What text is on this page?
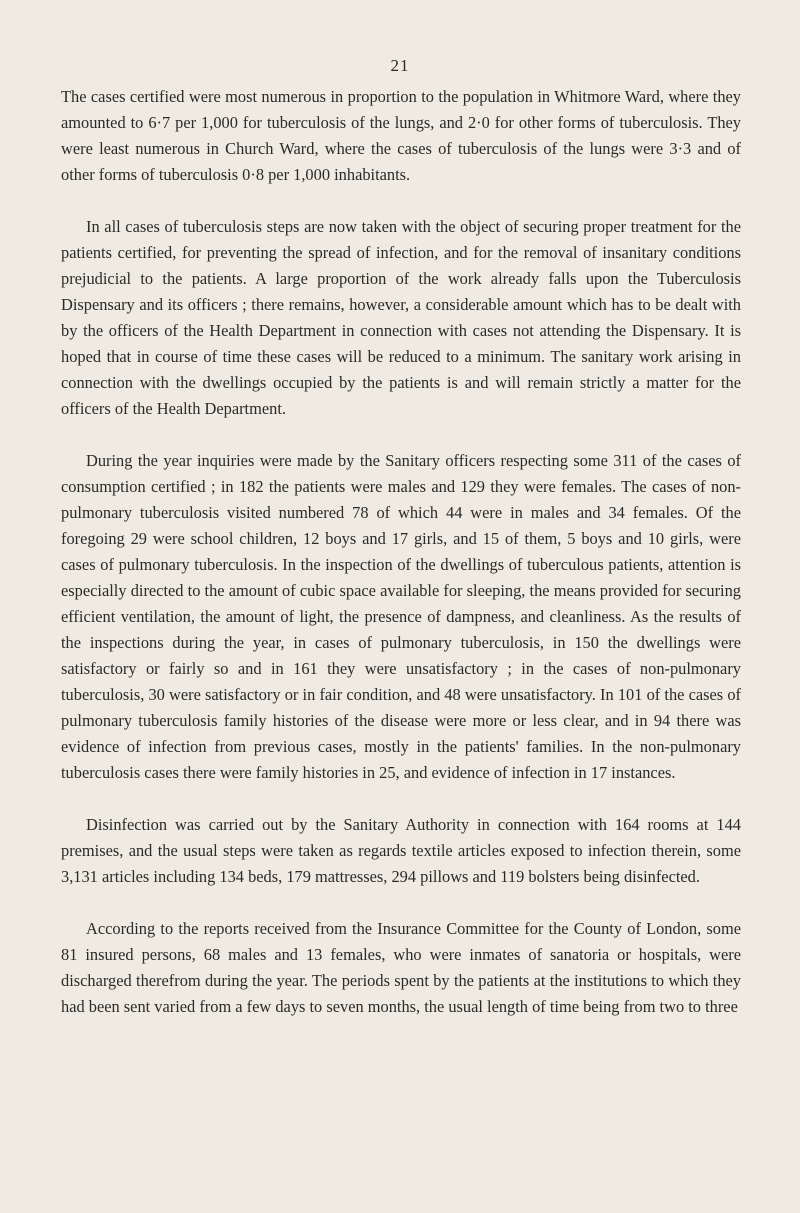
21

The cases certified were most numerous in proportion to the population in Whitmore Ward, where they amounted to 6·7 per 1,000 for tuberculosis of the lungs, and 2·0 for other forms of tuberculosis. They were least numerous in Church Ward, where the cases of tuberculosis of the lungs were 3·3 and of other forms of tuberculosis 0·8 per 1,000 inhabitants.

In all cases of tuberculosis steps are now taken with the object of securing proper treatment for the patients certified, for preventing the spread of infection, and for the removal of insanitary conditions prejudicial to the patients. A large proportion of the work already falls upon the Tuberculosis Dispensary and its officers ; there remains, however, a considerable amount which has to be dealt with by the officers of the Health Department in connection with cases not attending the Dispensary. It is hoped that in course of time these cases will be reduced to a minimum. The sanitary work arising in connection with the dwellings occupied by the patients is and will remain strictly a matter for the officers of the Health Department.

During the year inquiries were made by the Sanitary officers respecting some 311 of the cases of consumption certified ; in 182 the patients were males and 129 they were females. The cases of non-pulmonary tuberculosis visited numbered 78 of which 44 were in males and 34 females. Of the foregoing 29 were school children, 12 boys and 17 girls, and 15 of them, 5 boys and 10 girls, were cases of pulmonary tuberculosis. In the inspection of the dwellings of tuberculous patients, attention is especially directed to the amount of cubic space available for sleeping, the means provided for securing efficient ventilation, the amount of light, the presence of dampness, and cleanliness. As the results of the inspections during the year, in cases of pulmonary tuberculosis, in 150 the dwellings were satisfactory or fairly so and in 161 they were unsatisfactory ; in the cases of non-pulmonary tuberculosis, 30 were satisfactory or in fair condition, and 48 were unsatisfactory. In 101 of the cases of pulmonary tuberculosis family histories of the disease were more or less clear, and in 94 there was evidence of infection from previous cases, mostly in the patients' families. In the non-pulmonary tuberculosis cases there were family histories in 25, and evidence of infection in 17 instances.

Disinfection was carried out by the Sanitary Authority in connection with 164 rooms at 144 premises, and the usual steps were taken as regards textile articles exposed to infection therein, some 3,131 articles including 134 beds, 179 mattresses, 294 pillows and 119 bolsters being disinfected.

According to the reports received from the Insurance Committee for the County of London, some 81 insured persons, 68 males and 13 females, who were inmates of sanatoria or hospitals, were discharged therefrom during the year. The periods spent by the patients at the institutions to which they had been sent varied from a few days to seven months, the usual length of time being from two to three
